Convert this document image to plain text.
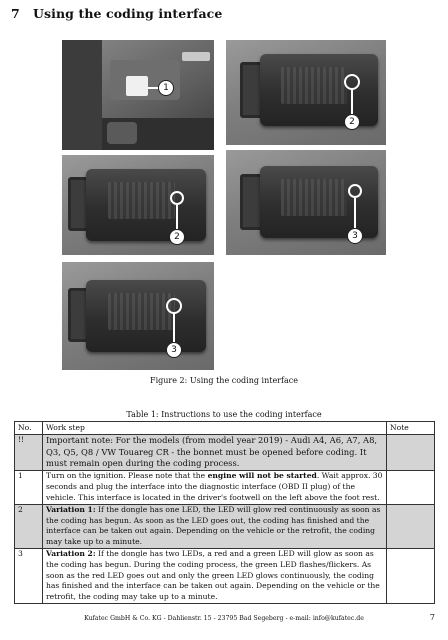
7 Using the coding interface
1
2
2	3
3
Figure 2: Using the coding interface
Table 1: Instructions to use the coding interface
No.	Work step	Note
!!	Important note: For the models (from model year 2019) - Audi A4, A6, A7, A8, Q3, Q5, Q8 / VW Touareg CR - the bonnet must be opened before coding. It must remain open during the coding process.	
1	Turn on the ignition. Please note that the engine will not be started. Wait approx. 30 seconds and plug the interface into the diagnostic interface (OBD II plug) of the vehicle. This interface is located in the driver's footwell on the left above the foot rest.	
2	Variation 1: If the dongle has one LED, the LED will glow red continuously as soon as the coding has begun. As soon as the LED goes out, the coding has finished and the interface can be taken out again. Depending on the vehicle or the retrofit, the coding may take up to a minute.	
3	Variation 2: If the dongle has two LEDs, a red and a green LED will glow as soon as the coding has begun. During the coding process, the green LED flashes/flickers. As soon as the red LED goes out and only the green LED glows continuously, the coding has finished and the interface can be taken out again. Depending on the vehicle or the retrofit, the coding may take up to a minute.	
Kufatec GmbH & Co. KG - Dahlienstr. 15 - 23795 Bad Segeberg - e-mail: info@kufatec.de	7
